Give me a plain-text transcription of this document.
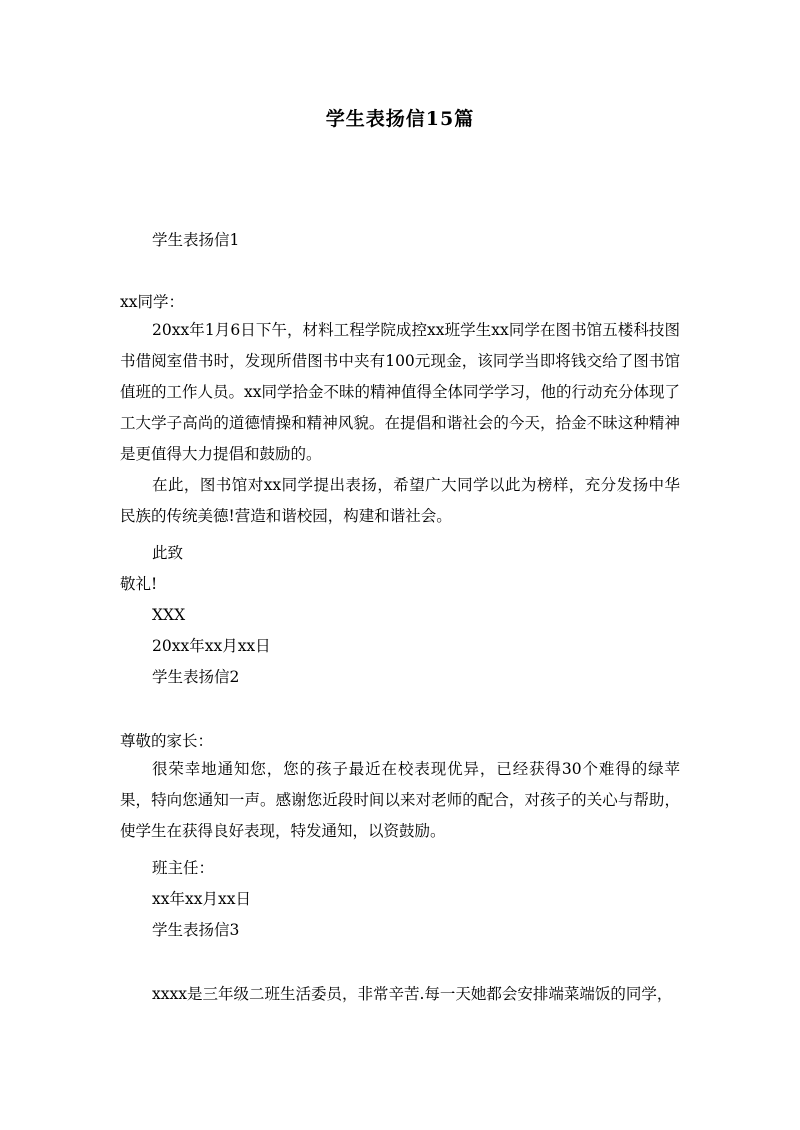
学生表扬信15篇
学生表扬信1
xx同学：
20xx年1月6日下午，材料工程学院成控xx班学生xx同学在图书馆五楼科技图书借阅室借书时，发现所借图书中夹有100元现金，该同学当即将钱交给了图书馆值班的工作人员。xx同学拾金不昧的精神值得全体同学学习，他的行动充分体现了工大学子高尚的道德情操和精神风貌。在提倡和谐社会的今天，拾金不昧这种精神是更值得大力提倡和鼓励的。
在此，图书馆对xx同学提出表扬，希望广大同学以此为榜样，充分发扬中华民族的传统美德!营造和谐校园，构建和谐社会。
此致
敬礼!
XXX
20xx年xx月xx日
学生表扬信2
尊敬的家长：
很荣幸地通知您，您的孩子最近在校表现优异，已经获得30个难得的绿苹果，特向您通知一声。感谢您近段时间以来对老师的配合，对孩子的关心与帮助，使学生在获得良好表现，特发通知，以资鼓励。
班主任：
xx年xx月xx日
学生表扬信3
xxxx是三年级二班生活委员，非常辛苦.每一天她都会安排端菜端饭的同学，
